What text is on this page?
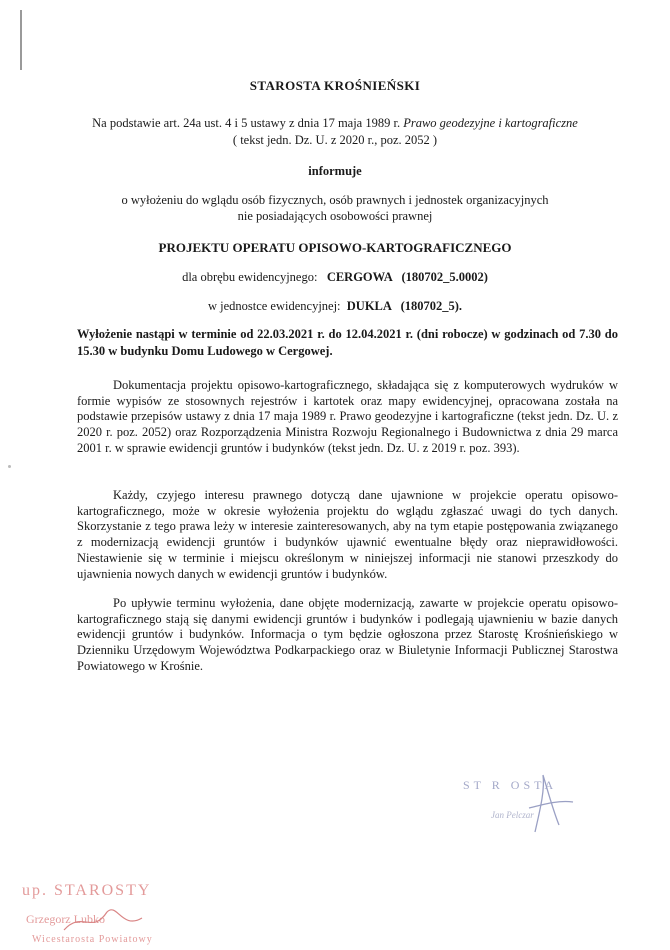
STAROSTA KROŚNIEŃSKI
Na podstawie art. 24a ust. 4 i 5 ustawy z dnia 17 maja 1989 r. Prawo geodezyjne i kartograficzne
( tekst jedn. Dz. U. z 2020 r., poz. 2052 )
informuje
o wyłożeniu do wglądu osób fizycznych, osób prawnych i jednostek organizacyjnych
nie posiadających osobowości prawnej
PROJEKTU OPERATU OPISOWO-KARTOGRAFICZNEGO
dla obrębu ewidencyjnego: CERGOWA   (180702_5.0002)
w jednostce ewidencyjnej: DUKLA   (180702_5).
Wyłożenie nastąpi w terminie od 22.03.2021 r. do 12.04.2021 r. (dni robocze) w godzinach od 7.30 do 15.30 w budynku Domu Ludowego w Cergowej.
Dokumentacja projektu opisowo-kartograficznego, składająca się z komputerowych wydruków w formie wypisów ze stosownych rejestrów i kartotek oraz mapy ewidencyjnej, opracowana została na podstawie przepisów ustawy z dnia 17 maja 1989 r. Prawo geodezyjne i kartograficzne (tekst jedn. Dz. U. z 2020 r. poz. 2052) oraz Rozporządzenia Ministra Rozwoju Regionalnego i Budownictwa z dnia 29 marca 2001 r. w sprawie ewidencji gruntów i budynków (tekst jedn. Dz. U. z 2019 r. poz. 393).
Każdy, czyjego interesu prawnego dotyczą dane ujawnione w projekcie operatu opisowo-kartograficznego, może w okresie wyłożenia projektu do wglądu zgłaszać uwagi do tych danych. Skorzystanie z tego prawa leży w interesie zainteresowanych, aby na tym etapie postępowania związanego z modernizacją ewidencji gruntów i budynków ujawnić ewentualne błędy oraz nieprawidłowości. Niestawienie się w terminie i miejscu określonym w niniejszej informacji nie stanowi przeszkody do ujawnienia nowych danych w ewidencji gruntów i budynków.
Po upływie terminu wyłożenia, dane objęte modernizacją, zawarte w projekcie operatu opisowo-kartograficznego stają się danymi ewidencji gruntów i budynków i podlegają ujawnieniu w bazie danych ewidencji gruntów i budynków. Informacja o tym będzie ogłoszona przez Starostę Krośnieńskiego w Dzienniku Urzędowym Województwa Podkarpackiego oraz w Biuletynie Informacji Publicznej Starostwa Powiatowego w Krośnie.
ST R OSTA
Jan Pelczar
up. STAROSTY
Grzegorz Lubko
Wicestarosta Powiatowy
